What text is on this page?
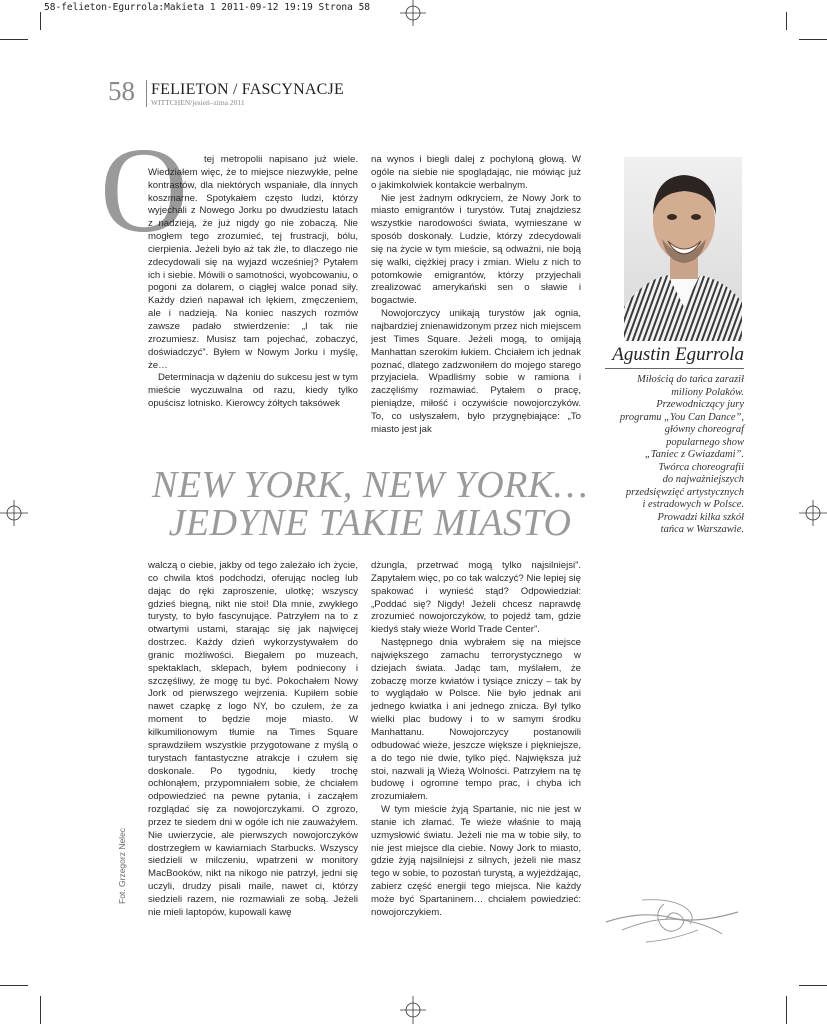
58-felieton-Egurrola:Makieta 1 2011-09-12 19:19 Strona 58
58 FELIETON / FASCYNACJE
WITTCHEN/jesień–zima 2011
O	tej metropolii napisano już wiele. Wiedziałem więc, że to miejsce niezwykłe, pełne kontrastów, dla niektórych wspaniałe, dla innych koszmarne. Spotykałem często ludzi, którzy wyjechali z Nowego Jorku po dwudziestu latach z nadzieją, że już nigdy go nie zobaczą. Nie mogłem tego zrozumieć, tej frustracji, bólu, cierpienia. Jeżeli było aż tak źle, to dlaczego nie zdecydowali się na wyjazd wcześniej? Pytałem ich i siebie. Mówili o samotności, wyobcowaniu, o pogoni za dolarem, o ciągłej walce ponad siły. Każdy dzień napawał ich lękiem, zmęczeniem, ale i nadzieją. Na koniec naszych rozmów zawsze padało stwierdzenie: „I tak nie zrozumiesz. Musisz tam pojechać, zobaczyć, doświadczyć”. Byłem w Nowym Jorku i myślę, że…

Determinacja w dążeniu do sukcesu jest w tym mieście wyczuwalna od razu, kiedy tylko opuścisz lotnisko. Kierowcy żółtych taksówek

na wynos i biegli dalej z pochyloną głową. W ogóle na siebie nie spoglądając, nie mówiąc już o jakimkolwiek kontakcie werbalnym.

Nie jest żadnym odkryciem, że Nowy Jork to miasto emigrantów i turystów. Tutaj znajdziesz wszystkie narodowości świata, wymieszane w sposób doskonały. Ludzie, którzy zdecydowali się na życie w tym mieście, są odważni, nie boją się walki, ciężkiej pracy i zmian. Wielu z nich to potomkowie emigrantów, którzy przyjechali zrealizować amerykański sen o sławie i bogactwie.

Nowojorczycy unikają turystów jak ognia, najbardziej znienawidzonym przez nich miejscem jest Times Square. Jeżeli mogą, to omijają Manhattan szerokim łukiem. Chciałem ich jednak poznać, dlatego zadzwoniłem do mojego starego przyjaciela. Wpadliśmy sobie w ramiona i zaczęliśmy rozmawiać. Pytałem o pracę, pieniądze, miłość i oczywiście nowojorczyków. To, co usłyszałem, było przygnębiające: „To miasto jest jak

NEW YORK, NEW YORK…
JEDYNE TAKIE MIASTO

walczą o ciebie, jakby od tego zależało ich życie, co chwila ktoś podchodzi, oferując nocleg lub dając do ręki zaproszenie, ulotkę; wszyscy gdzieś biegną, nikt nie stoi! Dla mnie, zwykłego turysty, to było fascynujące. Patrzyłem na to z otwartymi ustami, starając się jak najwięcej dostrzec. Każdy dzień wykorzystywałem do granic możliwości. Biegałem po muzeach, spektaklach, sklepach, byłem podniecony i szczęśliwy, że mogę tu być. Pokochałem Nowy Jork od pierwszego wejrzenia. Kupiłem sobie nawet czapkę z logo NY, bo czułem, że za moment to będzie moje miasto. W kilkumilionowym tłumie na Times Square sprawdziłem wszystkie przygotowane z myślą o turystach fantastyczne atrakcje i czułem się doskonale. Po tygodniu, kiedy trochę ochłonąłem, przypomniałem sobie, że chciałem odpowiedzieć na pewne pytania, i zacząłem rozglądać się za nowojorczykami. O zgrozo, przez te siedem dni w ogóle ich nie zauważyłem. Nie uwierzycie, ale pierwszych nowojorczyków dostrzegłem w kawiarniach Starbucks. Wszyscy siedzieli w milczeniu, wpatrzeni w monitory MacBooków, nikt na nikogo nie patrzył, jedni się uczyli, drudzy pisali maile, nawet ci, którzy siedzieli razem, nie rozmawiali ze sobą. Jeżeli nie mieli laptopów, kupowali kawę

dżungla, przetrwać mogą tylko najsilniejsi”. Zapytałem więc, po co tak walczyć? Nie lepiej się spakować i wynieść stąd? Odpowiedział: „Poddać się? Nigdy! Jeżeli chcesz naprawdę zrozumieć nowojorczyków, to pojedź tam, gdzie kiedyś stały wieże World Trade Center”.

Następnego dnia wybrałem się na miejsce największego zamachu terrorystycznego w dziejach świata. Jadąc tam, myślałem, że zobaczę morze kwiatów i tysiące zniczy – tak by to wyglądało w Polsce. Nie było jednak ani jednego kwiatka i ani jednego znicza. Był tylko wielki plac budowy i to w samym środku Manhattanu. Nowojorczycy postanowili odbudować wieże, jeszcze większe i piękniejsze, a do tego nie dwie, tylko pięć. Największa już stoi, nazwali ją Wieżą Wolności. Patrzyłem na tę budowę i ogromne tempo prac, i chyba ich zrozumiałem.

W tym mieście żyją Spartanie, nic nie jest w stanie ich złamać. Te wieże właśnie to mają uzmysłowić światu. Jeżeli nie ma w tobie siły, to nie jest miejsce dla ciebie. Nowy Jork to miasto, gdzie żyją najsilniejsi z silnych, jeżeli nie masz tego w sobie, to pozostań turystą, a wyjeżdżając, zabierz część energii tego miejsca. Nie każdy może być Spartaninem… chciałem powiedzieć: nowojorczykiem.

Agustin Egurrola
Miłością do tańca zaraził
miliony Polaków.
Przewodniczący jury
programu „You Can Dance”,
główny choreograf
popularnego show
„Taniec z Gwiazdami”.
Twórca choreografii
do najważniejszych
przedsięwzięć artystycznych
i estradowych w Polsce.
Prowadzi kilka szkół
tańca w Warszawie.
Fot. Grzegorz Nelec
